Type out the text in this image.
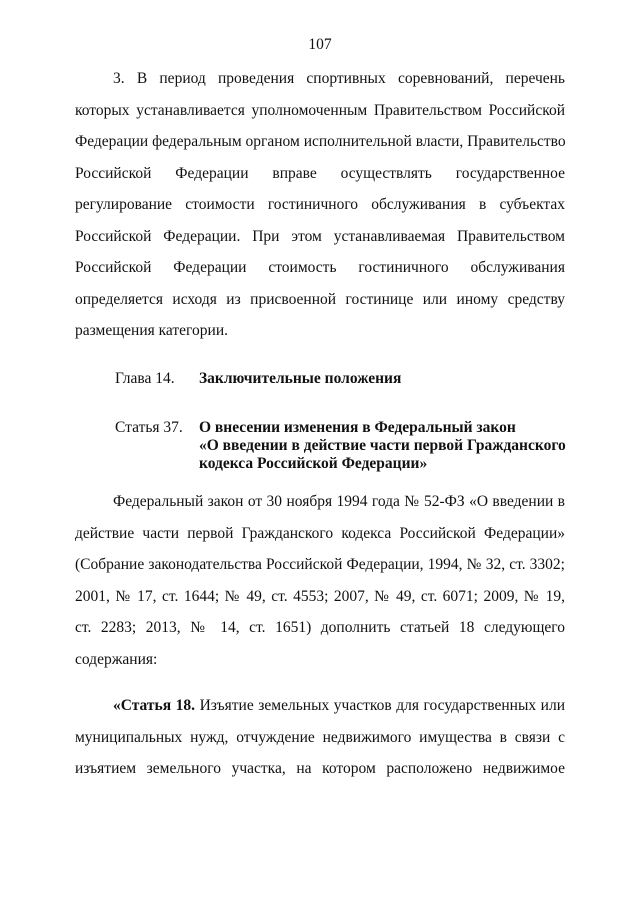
107
3. В период проведения спортивных соревнований, перечень
которых устанавливается уполномоченным Правительством Российской
Федерации федеральным органом исполнительной власти, Правительство
Российской Федерации вправе осуществлять государственное
регулирование стоимости гостиничного обслуживания в субъектах
Российской Федерации. При этом устанавливаемая Правительством
Российской Федерации стоимость гостиничного обслуживания
определяется исходя из присвоенной гостинице или иному средству
размещения категории.
Глава 14. Заключительные положения
Статья 37. О внесении изменения в Федеральный закон
«О введении в действие части первой Гражданского
кодекса Российской Федерации»
Федеральный закон от 30 ноября 1994 года № 52-ФЗ «О введении в
действие части первой Гражданского кодекса Российской Федерации»
(Собрание законодательства Российской Федерации, 1994, № 32, ст. 3302;
2001, № 17, ст. 1644; № 49, ст. 4553; 2007, № 49, ст. 6071; 2009, № 19,
ст. 2283; 2013, № 14, ст. 1651) дополнить статьей 18 следующего
содержания:
«Статья 18. Изъятие земельных участков для государственных или
муниципальных нужд, отчуждение недвижимого имущества в связи с
изъятием земельного участка, на котором расположено недвижимое
